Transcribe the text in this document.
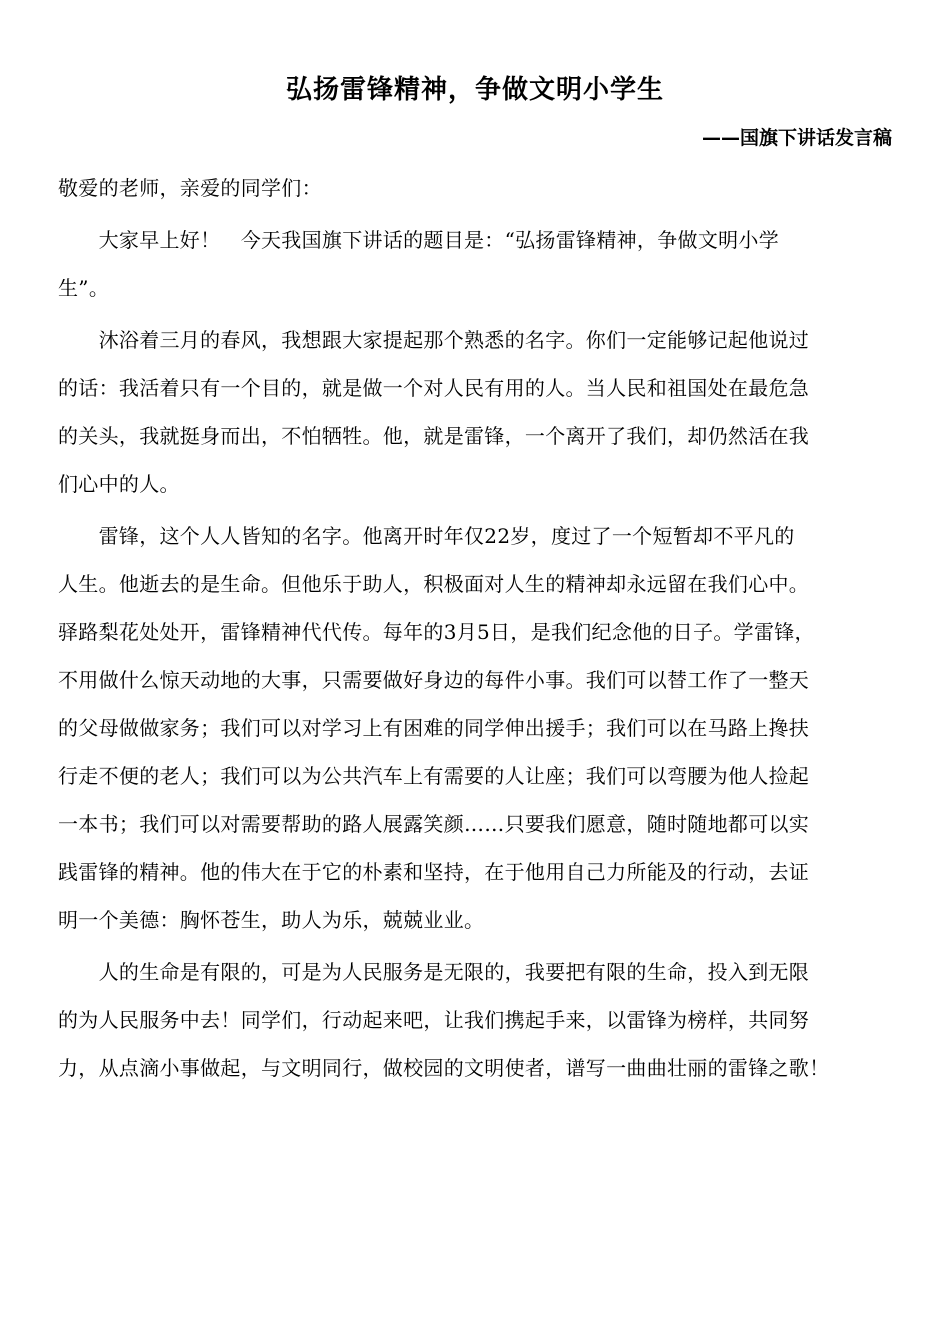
弘扬雷锋精神，争做文明小学生
——国旗下讲话发言稿
敬爱的老师，亲爱的同学们：
　　大家早上好！　今天我国旗下讲话的题目是：“弘扬雷锋精神，争做文明小学
生”。
　　沐浴着三月的春风，我想跟大家提起那个熟悉的名字。你们一定能够记起他说过
的话：我活着只有一个目的，就是做一个对人民有用的人。当人民和祖国处在最危急
的关头，我就挺身而出，不怕牺牲。他，就是雷锋，一个离开了我们，却仍然活在我
们心中的人。
　　雷锋，这个人人皆知的名字。他离开时年仅22岁，度过了一个短暂却不平凡的
人生。他逝去的是生命。但他乐于助人，积极面对人生的精神却永远留在我们心中。
驿路梨花处处开，雷锋精神代代传。每年的3月5日，是我们纪念他的日子。学雷锋，
不用做什么惊天动地的大事，只需要做好身边的每件小事。我们可以替工作了一整天
的父母做做家务；我们可以对学习上有困难的同学伸出援手；我们可以在马路上搀扶
行走不便的老人；我们可以为公共汽车上有需要的人让座；我们可以弯腰为他人捡起
一本书；我们可以对需要帮助的路人展露笑颜……只要我们愿意，随时随地都可以实
践雷锋的精神。他的伟大在于它的朴素和坚持，在于他用自己力所能及的行动，去证
明一个美德：胸怀苍生，助人为乐，兢兢业业。
　　人的生命是有限的，可是为人民服务是无限的，我要把有限的生命，投入到无限
的为人民服务中去！同学们，行动起来吧，让我们携起手来，以雷锋为榜样，共同努
力，从点滴小事做起，与文明同行，做校园的文明使者，谱写一曲曲壮丽的雷锋之歌！
